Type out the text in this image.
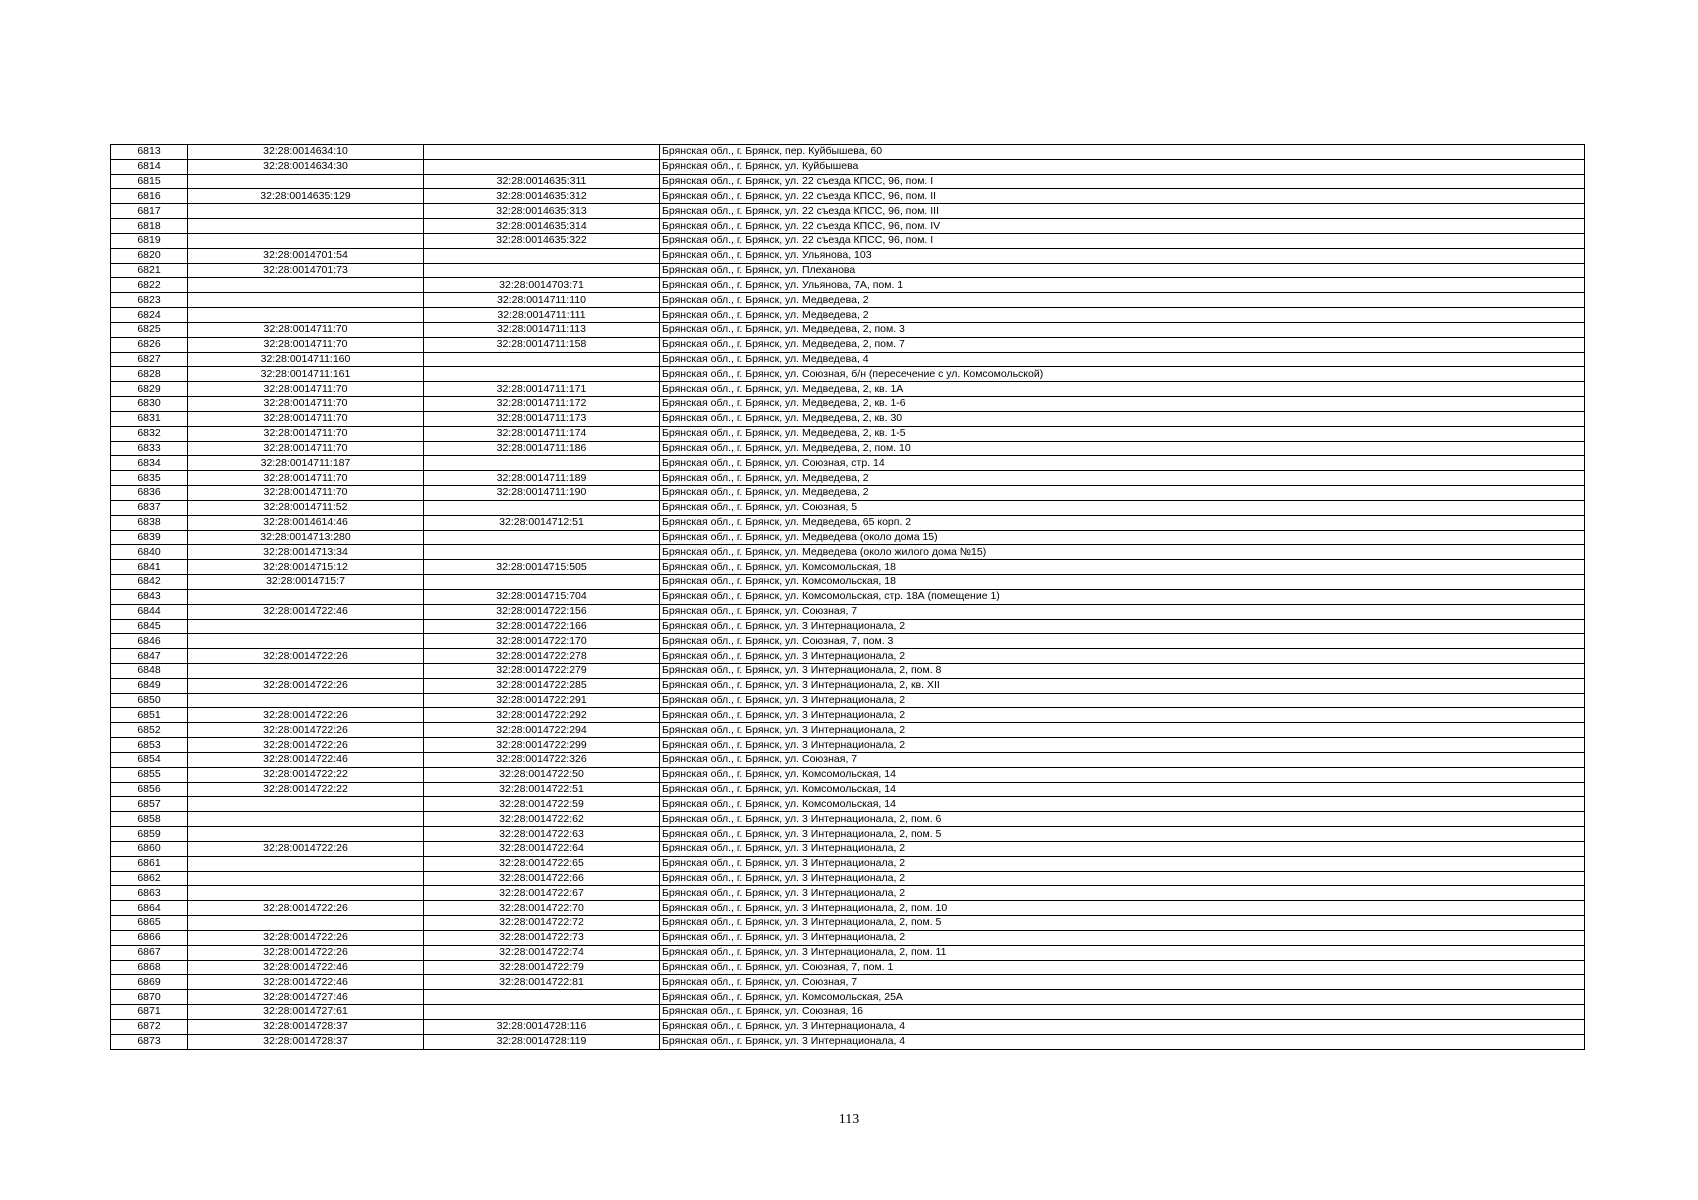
6813	32:28:0014634:10		Брянская обл., г. Брянск, пер. Куйбышева, 60
6814	32:28:0014634:30		Брянская обл., г. Брянск, ул. Куйбышева
6815		32:28:0014635:311	Брянская обл., г. Брянск, ул. 22 съезда КПСС, 96, пом. I
6816	32:28:0014635:129	32:28:0014635:312	Брянская обл., г. Брянск, ул. 22 съезда КПСС, 96, пом. II
6817		32:28:0014635:313	Брянская обл., г. Брянск, ул. 22 съезда КПСС, 96, пом. III
6818		32:28:0014635:314	Брянская обл., г. Брянск, ул. 22 съезда КПСС, 96, пом. IV
6819		32:28:0014635:322	Брянская обл., г. Брянск, ул. 22 съезда КПСС, 96, пом. I
6820	32:28:0014701:54		Брянская обл., г. Брянск, ул. Ульянова, 103
6821	32:28:0014701:73		Брянская обл., г. Брянск, ул. Плеханова
6822		32:28:0014703:71	Брянская обл., г. Брянск, ул. Ульянова, 7А, пом. 1
6823		32:28:0014711:110	Брянская обл., г. Брянск, ул. Медведева, 2
6824		32:28:0014711:111	Брянская обл., г. Брянск, ул. Медведева, 2
6825	32:28:0014711:70	32:28:0014711:113	Брянская обл., г. Брянск, ул. Медведева, 2, пом. 3
6826	32:28:0014711:70	32:28:0014711:158	Брянская обл., г. Брянск, ул. Медведева, 2, пом. 7
6827	32:28:0014711:160		Брянская обл., г. Брянск, ул. Медведева, 4
6828	32:28:0014711:161		Брянская обл., г. Брянск, ул. Союзная, б/н (пересечение с ул. Комсомольской)
6829	32:28:0014711:70	32:28:0014711:171	Брянская обл., г. Брянск, ул. Медведева, 2, кв. 1А
6830	32:28:0014711:70	32:28:0014711:172	Брянская обл., г. Брянск, ул. Медведева, 2, кв. 1-6
6831	32:28:0014711:70	32:28:0014711:173	Брянская обл., г. Брянск, ул. Медведева, 2, кв. 30
6832	32:28:0014711:70	32:28:0014711:174	Брянская обл., г. Брянск, ул. Медведева, 2, кв. 1-5
6833	32:28:0014711:70	32:28:0014711:186	Брянская обл., г. Брянск, ул. Медведева, 2, пом. 10
6834	32:28:0014711:187		Брянская обл., г. Брянск, ул. Союзная, стр. 14
6835	32:28:0014711:70	32:28:0014711:189	Брянская обл., г. Брянск, ул. Медведева, 2
6836	32:28:0014711:70	32:28:0014711:190	Брянская обл., г. Брянск, ул. Медведева, 2
6837	32:28:0014711:52		Брянская обл., г. Брянск, ул. Союзная, 5
6838	32:28:0014614:46	32:28:0014712:51	Брянская обл., г. Брянск, ул. Медведева, 65 корп. 2
6839	32:28:0014713:280		Брянская обл., г. Брянск, ул. Медведева (около дома 15)
6840	32:28:0014713:34		Брянская обл., г. Брянск, ул. Медведева (около жилого дома №15)
6841	32:28:0014715:12	32:28:0014715:505	Брянская обл., г. Брянск, ул. Комсомольская, 18
6842	32:28:0014715:7		Брянская обл., г. Брянск, ул. Комсомольская, 18
6843		32:28:0014715:704	Брянская обл., г. Брянск, ул. Комсомольская, стр. 18А (помещение 1)
6844	32:28:0014722:46	32:28:0014722:156	Брянская обл., г. Брянск, ул. Союзная, 7
6845		32:28:0014722:166	Брянская обл., г. Брянск, ул. 3 Интернационала, 2
6846		32:28:0014722:170	Брянская обл., г. Брянск, ул. Союзная, 7, пом. 3
6847	32:28:0014722:26	32:28:0014722:278	Брянская обл., г. Брянск, ул. 3 Интернационала, 2
6848		32:28:0014722:279	Брянская обл., г. Брянск, ул. 3 Интернационала, 2, пом. 8
6849	32:28:0014722:26	32:28:0014722:285	Брянская обл., г. Брянск, ул. 3 Интернационала, 2, кв. XII
6850		32:28:0014722:291	Брянская обл., г. Брянск, ул. 3 Интернационала, 2
6851	32:28:0014722:26	32:28:0014722:292	Брянская обл., г. Брянск, ул. 3 Интернационала, 2
6852	32:28:0014722:26	32:28:0014722:294	Брянская обл., г. Брянск, ул. 3 Интернационала, 2
6853	32:28:0014722:26	32:28:0014722:299	Брянская обл., г. Брянск, ул. 3 Интернационала, 2
6854	32:28:0014722:46	32:28:0014722:326	Брянская обл., г. Брянск, ул. Союзная, 7
6855	32:28:0014722:22	32:28:0014722:50	Брянская обл., г. Брянск, ул. Комсомольская, 14
6856	32:28:0014722:22	32:28:0014722:51	Брянская обл., г. Брянск, ул. Комсомольская, 14
6857		32:28:0014722:59	Брянская обл., г. Брянск, ул. Комсомольская, 14
6858		32:28:0014722:62	Брянская обл., г. Брянск, ул. 3 Интернационала, 2, пом. 6
6859		32:28:0014722:63	Брянская обл., г. Брянск, ул. 3 Интернационала, 2, пом. 5
6860	32:28:0014722:26	32:28:0014722:64	Брянская обл., г. Брянск, ул. 3 Интернационала, 2
6861		32:28:0014722:65	Брянская обл., г. Брянск, ул. 3 Интернационала, 2
6862		32:28:0014722:66	Брянская обл., г. Брянск, ул. 3 Интернационала, 2
6863		32:28:0014722:67	Брянская обл., г. Брянск, ул. 3 Интернационала, 2
6864	32:28:0014722:26	32:28:0014722:70	Брянская обл., г. Брянск, ул. 3 Интернационала, 2, пом. 10
6865		32:28:0014722:72	Брянская обл., г. Брянск, ул. 3 Интернационала, 2, пом. 5
6866	32:28:0014722:26	32:28:0014722:73	Брянская обл., г. Брянск, ул. 3 Интернационала, 2
6867	32:28:0014722:26	32:28:0014722:74	Брянская обл., г. Брянск, ул. 3 Интернационала, 2, пом. 11
6868	32:28:0014722:46	32:28:0014722:79	Брянская обл., г. Брянск, ул. Союзная, 7, пом. 1
6869	32:28:0014722:46	32:28:0014722:81	Брянская обл., г. Брянск, ул. Союзная, 7
6870	32:28:0014727:46		Брянская обл., г. Брянск, ул. Комсомольская, 25А
6871	32:28:0014727:61		Брянская обл., г. Брянск, ул. Союзная, 16
6872	32:28:0014728:37	32:28:0014728:116	Брянская обл., г. Брянск, ул. 3 Интернационала, 4
6873	32:28:0014728:37	32:28:0014728:119	Брянская обл., г. Брянск, ул. 3 Интернационала, 4
113
